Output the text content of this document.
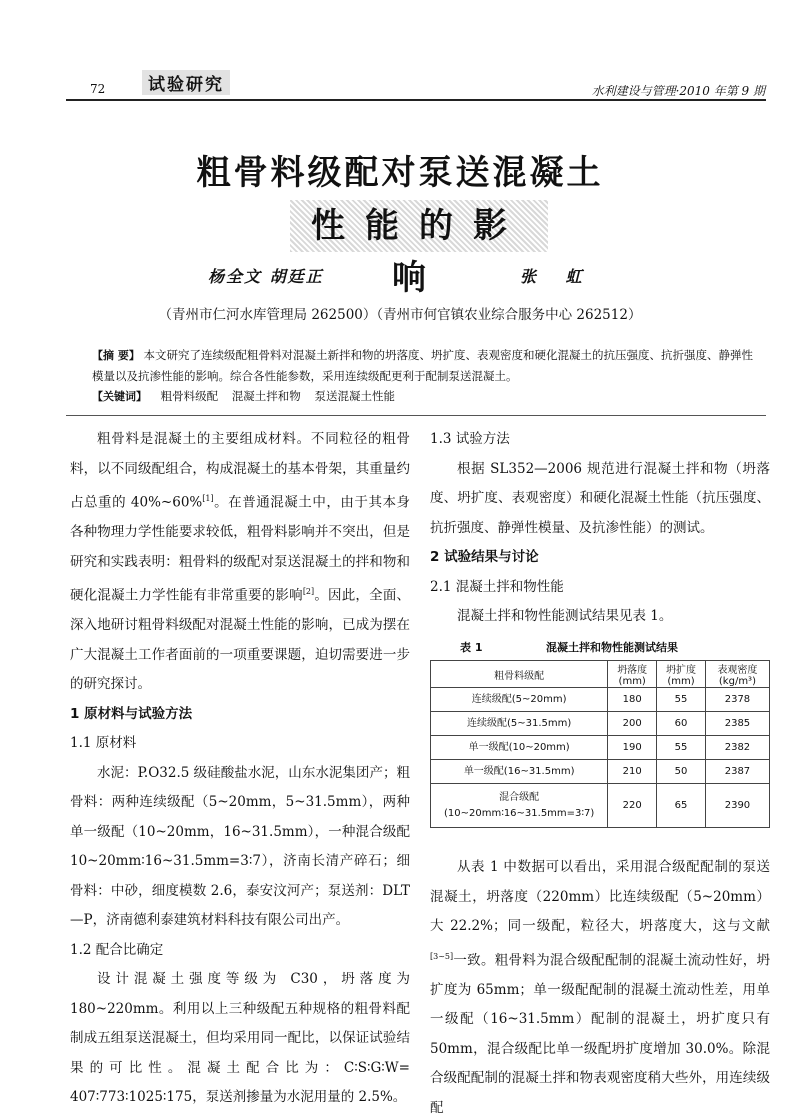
72	试验研究	水利建设与管理·2010 年第 9 期
粗骨料级配对泵送混凝土
性能的影响
杨全文 胡廷正	张 虹
（青州市仁河水库管理局 262500）（青州市何官镇农业综合服务中心 262512）
【摘 要】 本文研究了连续级配粗骨料对混凝土新拌和物的坍落度、坍扩度、表观密度和硬化混凝土的抗压强度、抗折强度、静弹性模量以及抗渗性能的影响。综合各性能参数，采用连续级配更利于配制泵送混凝土。
【关键词】 粗骨料级配 混凝土拌和物 泵送混凝土性能

粗骨料是混凝土的主要组成材料。不同粒径的粗骨料，以不同级配组合，构成混凝土的基本骨架，其重量约占总重的 40%~60%[1]。在普通混凝土中，由于其本身各种物理力学性能要求较低，粗骨料影响并不突出，但是研究和实践表明：粗骨料的级配对泵送混凝土的拌和物和硬化混凝土力学性能有非常重要的影响[2]。因此，全面、深入地研讨粗骨料级配对混凝土性能的影响，已成为摆在广大混凝土工作者面前的一项重要课题，迫切需要进一步的研究探讨。

1 原材料与试验方法
1.1 原材料

水泥：P.O32.5 级硅酸盐水泥，山东水泥集团产；粗骨料：两种连续级配（5~20mm，5~31.5mm），两种单一级配（10~20mm，16~31.5mm），一种混合级配 10~20mm∶16~31.5mm=3∶7），济南长清产碎石；细骨料：中砂，细度模数 2.6，泰安汶河产；泵送剂：DLT—P，济南德利泰建筑材料科技有限公司出产。

1.2 配合比确定

设计混凝土强度等级为 C30，坍落度为 180~220mm。利用以上三种级配五种规格的粗骨料配制成五组泵送混凝土，但均采用同一配比，以保证试验结果的可比性。混凝土配合比为：C∶S∶G∶W= 407∶773∶1025∶175，泵送剂掺量为水泥用量的 2.5%。

1.3 试验方法

根据 SL352—2006 规范进行混凝土拌和物（坍落度、坍扩度、表观密度）和硬化混凝土性能（抗压强度、抗折强度、静弹性模量、及抗渗性能）的测试。

2 试验结果与讨论
2.1 混凝土拌和物性能

混凝土拌和物性能测试结果见表 1。

表 1	混凝土拌和物性能测试结果
粗骨料级配	坍落度(mm)	坍扩度(mm)	表观密度(kg/m³)
连续级配(5~20mm)	180	55	2378
连续级配(5~31.5mm)	200	60	2385
单一级配(10~20mm)	190	55	2382
单一级配(16~31.5mm)	210	50	2387
混合级配(10~20mm∶16~31.5mm=3∶7)	220	65	2390

从表 1 中数据可以看出，采用混合级配配制的泵送混凝土，坍落度（220mm）比连续级配（5~20mm）大 22.2%；同一级配，粒径大，坍落度大，这与文献[3~5]一致。粗骨料为混合级配配制的混凝土流动性好，坍扩度为 65mm；单一级配配制的混凝土流动性差，用单一级配（16~31.5mm）配制的混凝土，坍扩度只有 50mm，混合级配比单一级配坍扩度增加 30.0%。除混合级配配制的混凝土拌和物表观密度稍大些外，用连续级配
